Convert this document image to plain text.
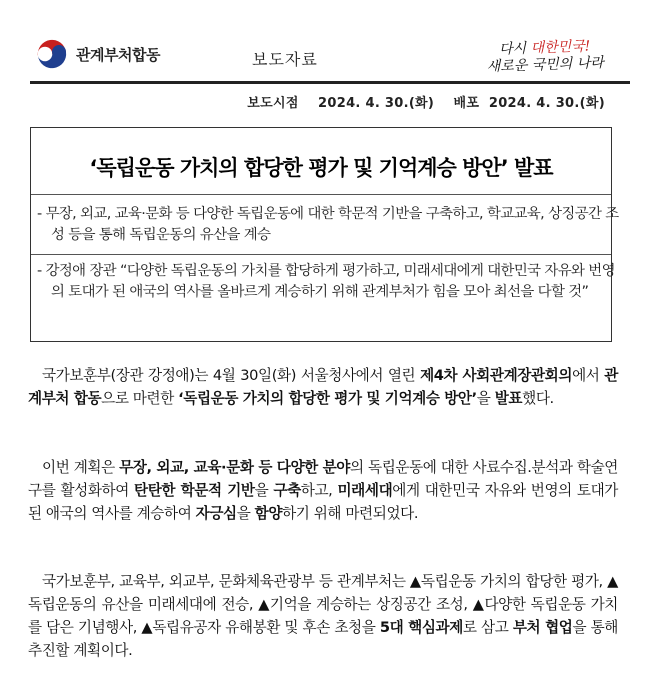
관계부처합동	보도자료
다시 대한민국!
새로운 국민의 나라
보도시점 2024. 4. 30.(화) 배포 2024. 4. 30.(화)
‘독립운동 가치의 합당한 평가 및 기억계승 방안’ 발표
- 무장, 외교, 교육·문화 등 다양한 독립운동에 대한 학문적 기반을 구축하고, 학교교육, 상징공간 조성 등을 통해 독립운동의 유산을 계승
- 강정애 장관 “다양한 독립운동의 가치를 합당하게 평가하고, 미래세대에게 대한민국 자유와 번영의 토대가 된 애국의 역사를 올바르게 계승하기 위해 관계부처가 힘을 모아 최선을 다할 것”
국가보훈부(장관 강정애)는 4월 30일(화) 서울청사에서 열린 제4차 사회관계장관회의에서 관계부처 합동으로 마련한 ‘독립운동 가치의 합당한 평가 및 기억계승 방안’을 발표했다.
이번 계획은 무장, 외교, 교육·문화 등 다양한 분야의 독립운동에 대한 사료수집.분석과 학술연구를 활성화하여 탄탄한 학문적 기반을 구축하고, 미래세대에게 대한민국 자유와 번영의 토대가 된 애국의 역사를 계승하여 자긍심을 함양하기 위해 마련되었다.
국가보훈부, 교육부, 외교부, 문화체육관광부 등 관계부처는 ▲독립운동 가치의 합당한 평가, ▲독립운동의 유산을 미래세대에 전승, ▲기억을 계승하는 상징공간 조성, ▲다양한 독립운동 가치를 담은 기념행사, ▲독립유공자 유해봉환 및 후손 초청을 5대 핵심과제로 삼고 부처 협업을 통해 추진할 계획이다.
